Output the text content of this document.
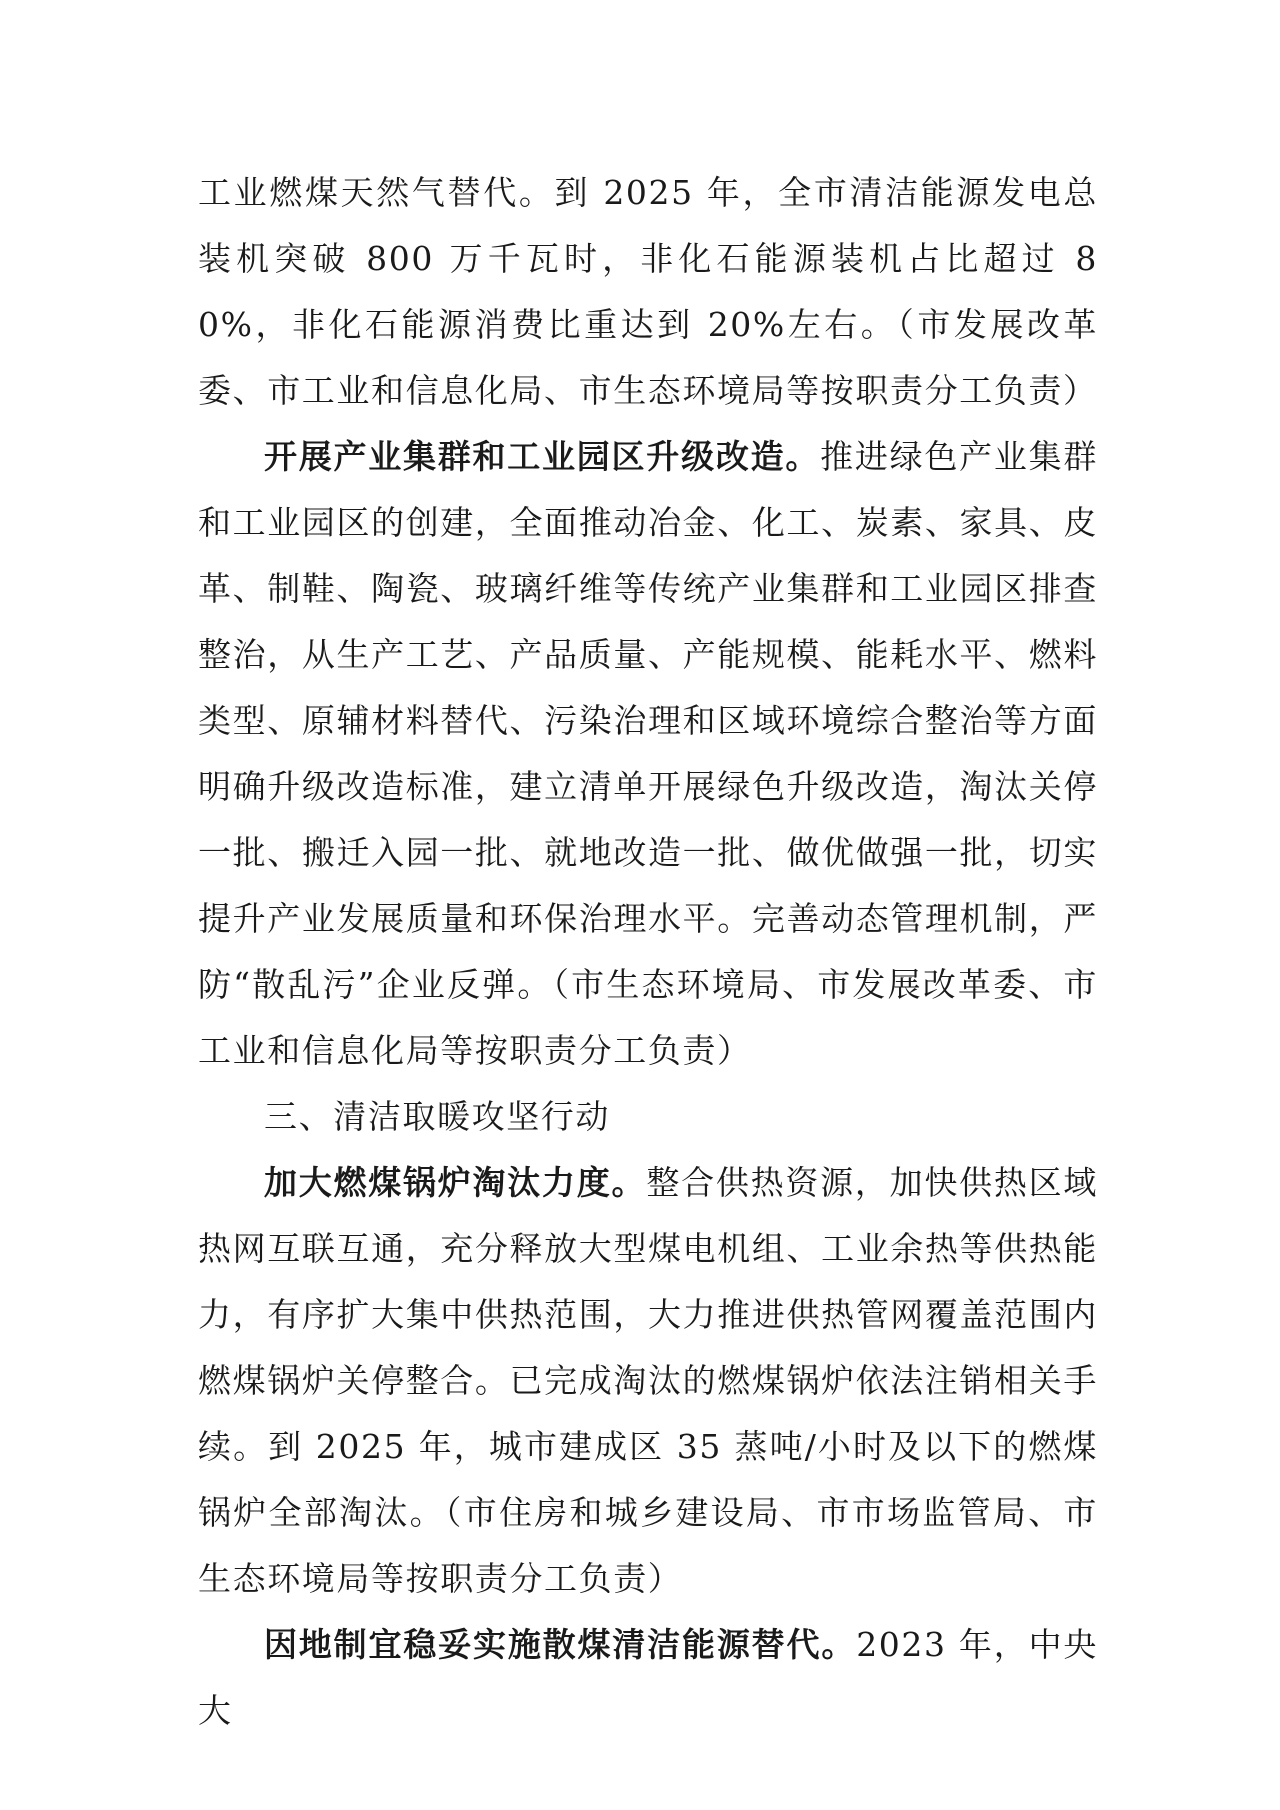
工业燃煤天然气替代。到 2025 年，全市清洁能源发电总装机突破 800 万千瓦时，非化石能源装机占比超过 80%，非化石能源消费比重达到 20%左右。（市发展改革委、市工业和信息化局、市生态环境局等按职责分工负责）

开展产业集群和工业园区升级改造。推进绿色产业集群和工业园区的创建，全面推动冶金、化工、炭素、家具、皮革、制鞋、陶瓷、玻璃纤维等传统产业集群和工业园区排查整治，从生产工艺、产品质量、产能规模、能耗水平、燃料类型、原辅材料替代、污染治理和区域环境综合整治等方面明确升级改造标准，建立清单开展绿色升级改造，淘汰关停一批、搬迁入园一批、就地改造一批、做优做强一批，切实提升产业发展质量和环保治理水平。完善动态管理机制，严防“散乱污”企业反弹。（市生态环境局、市发展改革委、市工业和信息化局等按职责分工负责）

三、清洁取暖攻坚行动

加大燃煤锅炉淘汰力度。整合供热资源，加快供热区域热网互联互通，充分释放大型煤电机组、工业余热等供热能力，有序扩大集中供热范围，大力推进供热管网覆盖范围内燃煤锅炉关停整合。已完成淘汰的燃煤锅炉依法注销相关手续。到 2025 年，城市建成区 35 蒸吨/小时及以下的燃煤锅炉全部淘汰。（市住房和城乡建设局、市市场监管局、市生态环境局等按职责分工负责）

因地制宜稳妥实施散煤清洁能源替代。2023 年，中央大
